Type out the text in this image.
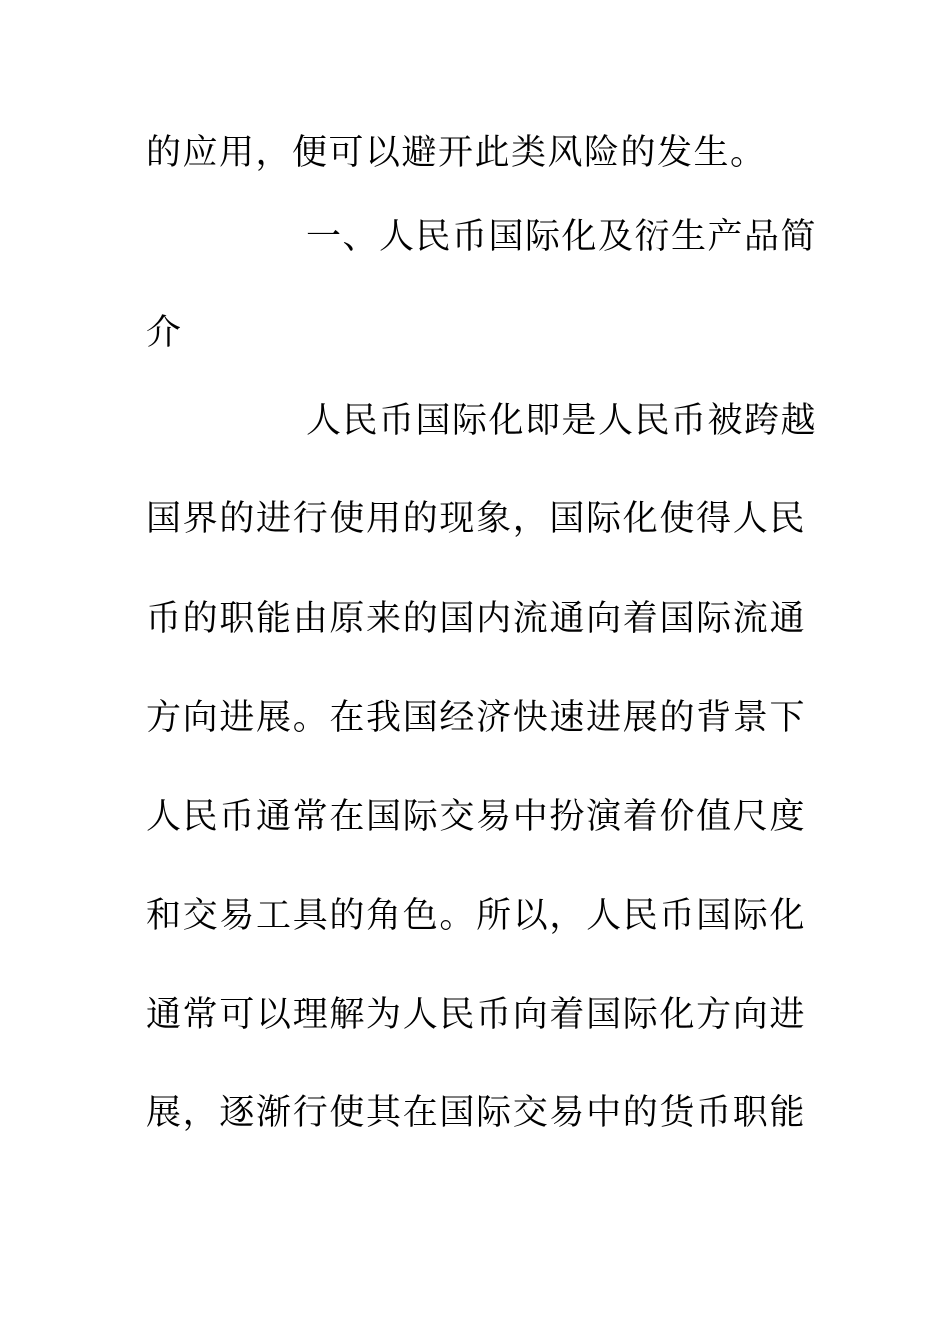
的应用，便可以避开此类风险的发生。
一、人民币国际化及衍生产品简
介
人民币国际化即是人民币被跨越
国界的进行使用的现象，国际化使得人民
币的职能由原来的国内流通向着国际流通
方向进展。在我国经济快速进展的背景下
人民币通常在国际交易中扮演着价值尺度
和交易工具的角色。所以，人民币国际化
通常可以理解为人民币向着国际化方向进
展，逐渐行使其在国际交易中的货币职能
